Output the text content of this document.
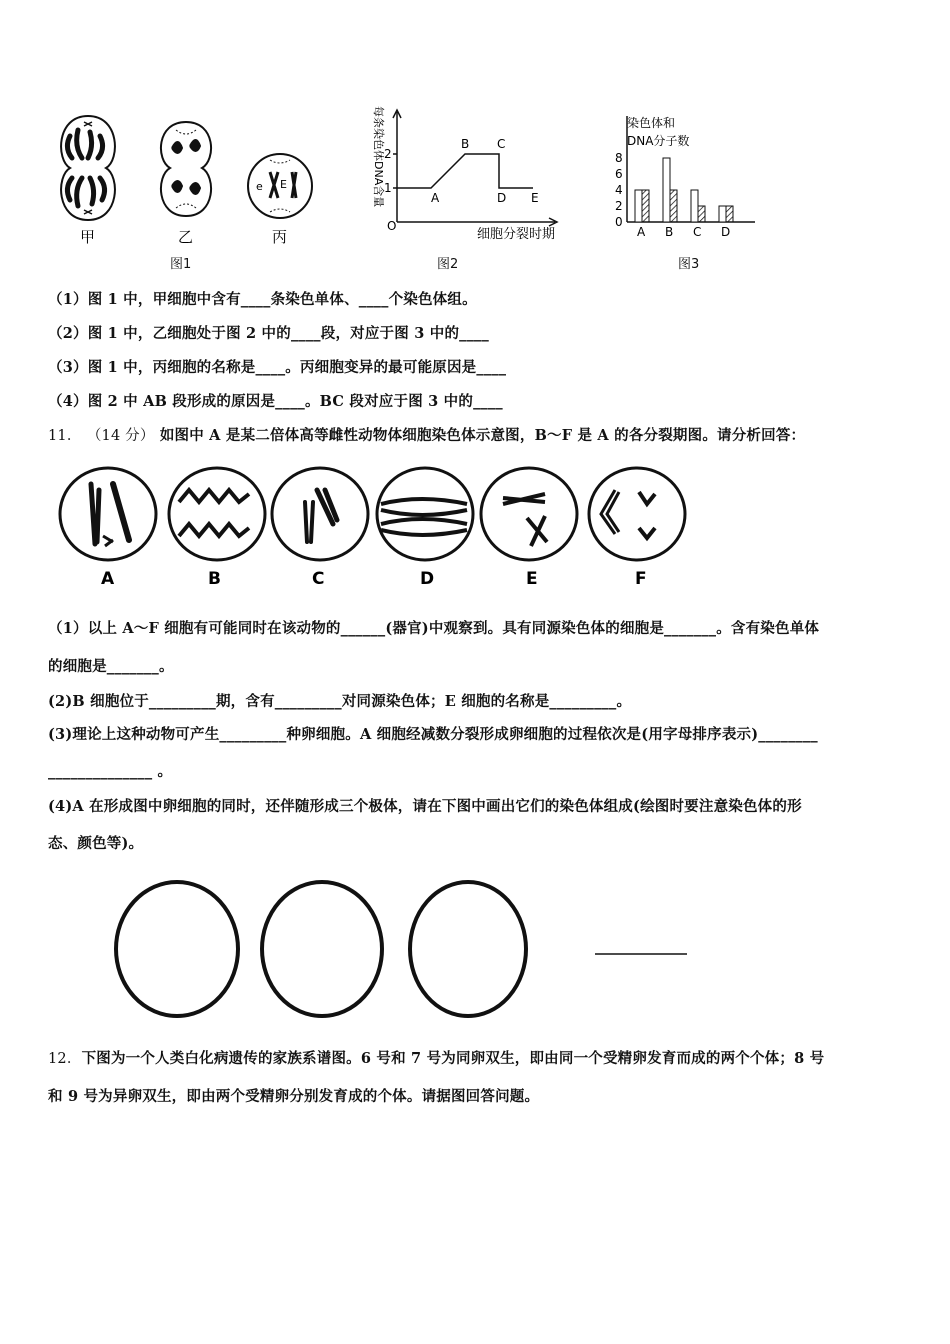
甲	乙
e E
丙
图1
每条染色体DNA含量
O
1
2
A
B C
D E
细胞分裂时期
图2
染色体和
DNA分子数
0
2
4
6
8
A B C D
图3
（1）图 1 中，甲细胞中含有____条染色单体、____个染色体组。
（2）图 1 中，乙细胞处于图 2 中的____段，对应于图 3 中的____
（3）图 1 中，丙细胞的名称是____。丙细胞变异的最可能原因是____
（4）图 2 中 AB 段形成的原因是____。BC 段对应于图 3 中的____
11． （14 分） 如图中 A 是某二倍体高等雌性动物体细胞染色体示意图，B～F 是 A 的各分裂期图。请分析回答：
A	B	C	D	E	F
（1）以上 A～F 细胞有可能同时在该动物的______(器官)中观察到。具有同源染色体的细胞是_______。含有染色单体
的细胞是_______。
(2)B 细胞位于_________期，含有_________对同源染色体；E 细胞的名称是_________。
(3)理论上这种动物可产生_________种卵细胞。A 细胞经减数分裂形成卵细胞的过程依次是(用字母排序表示)________
______________ 。
(4)A 在形成图中卵细胞的同时，还伴随形成三个极体，请在下图中画出它们的染色体组成(绘图时要注意染色体的形
态、颜色等)。
12．下图为一个人类白化病遗传的家族系谱图。6 号和 7 号为同卵双生，即由同一个受精卵发育而成的两个个体；8 号
和 9 号为异卵双生，即由两个受精卵分别发育成的个体。请据图回答问题。
